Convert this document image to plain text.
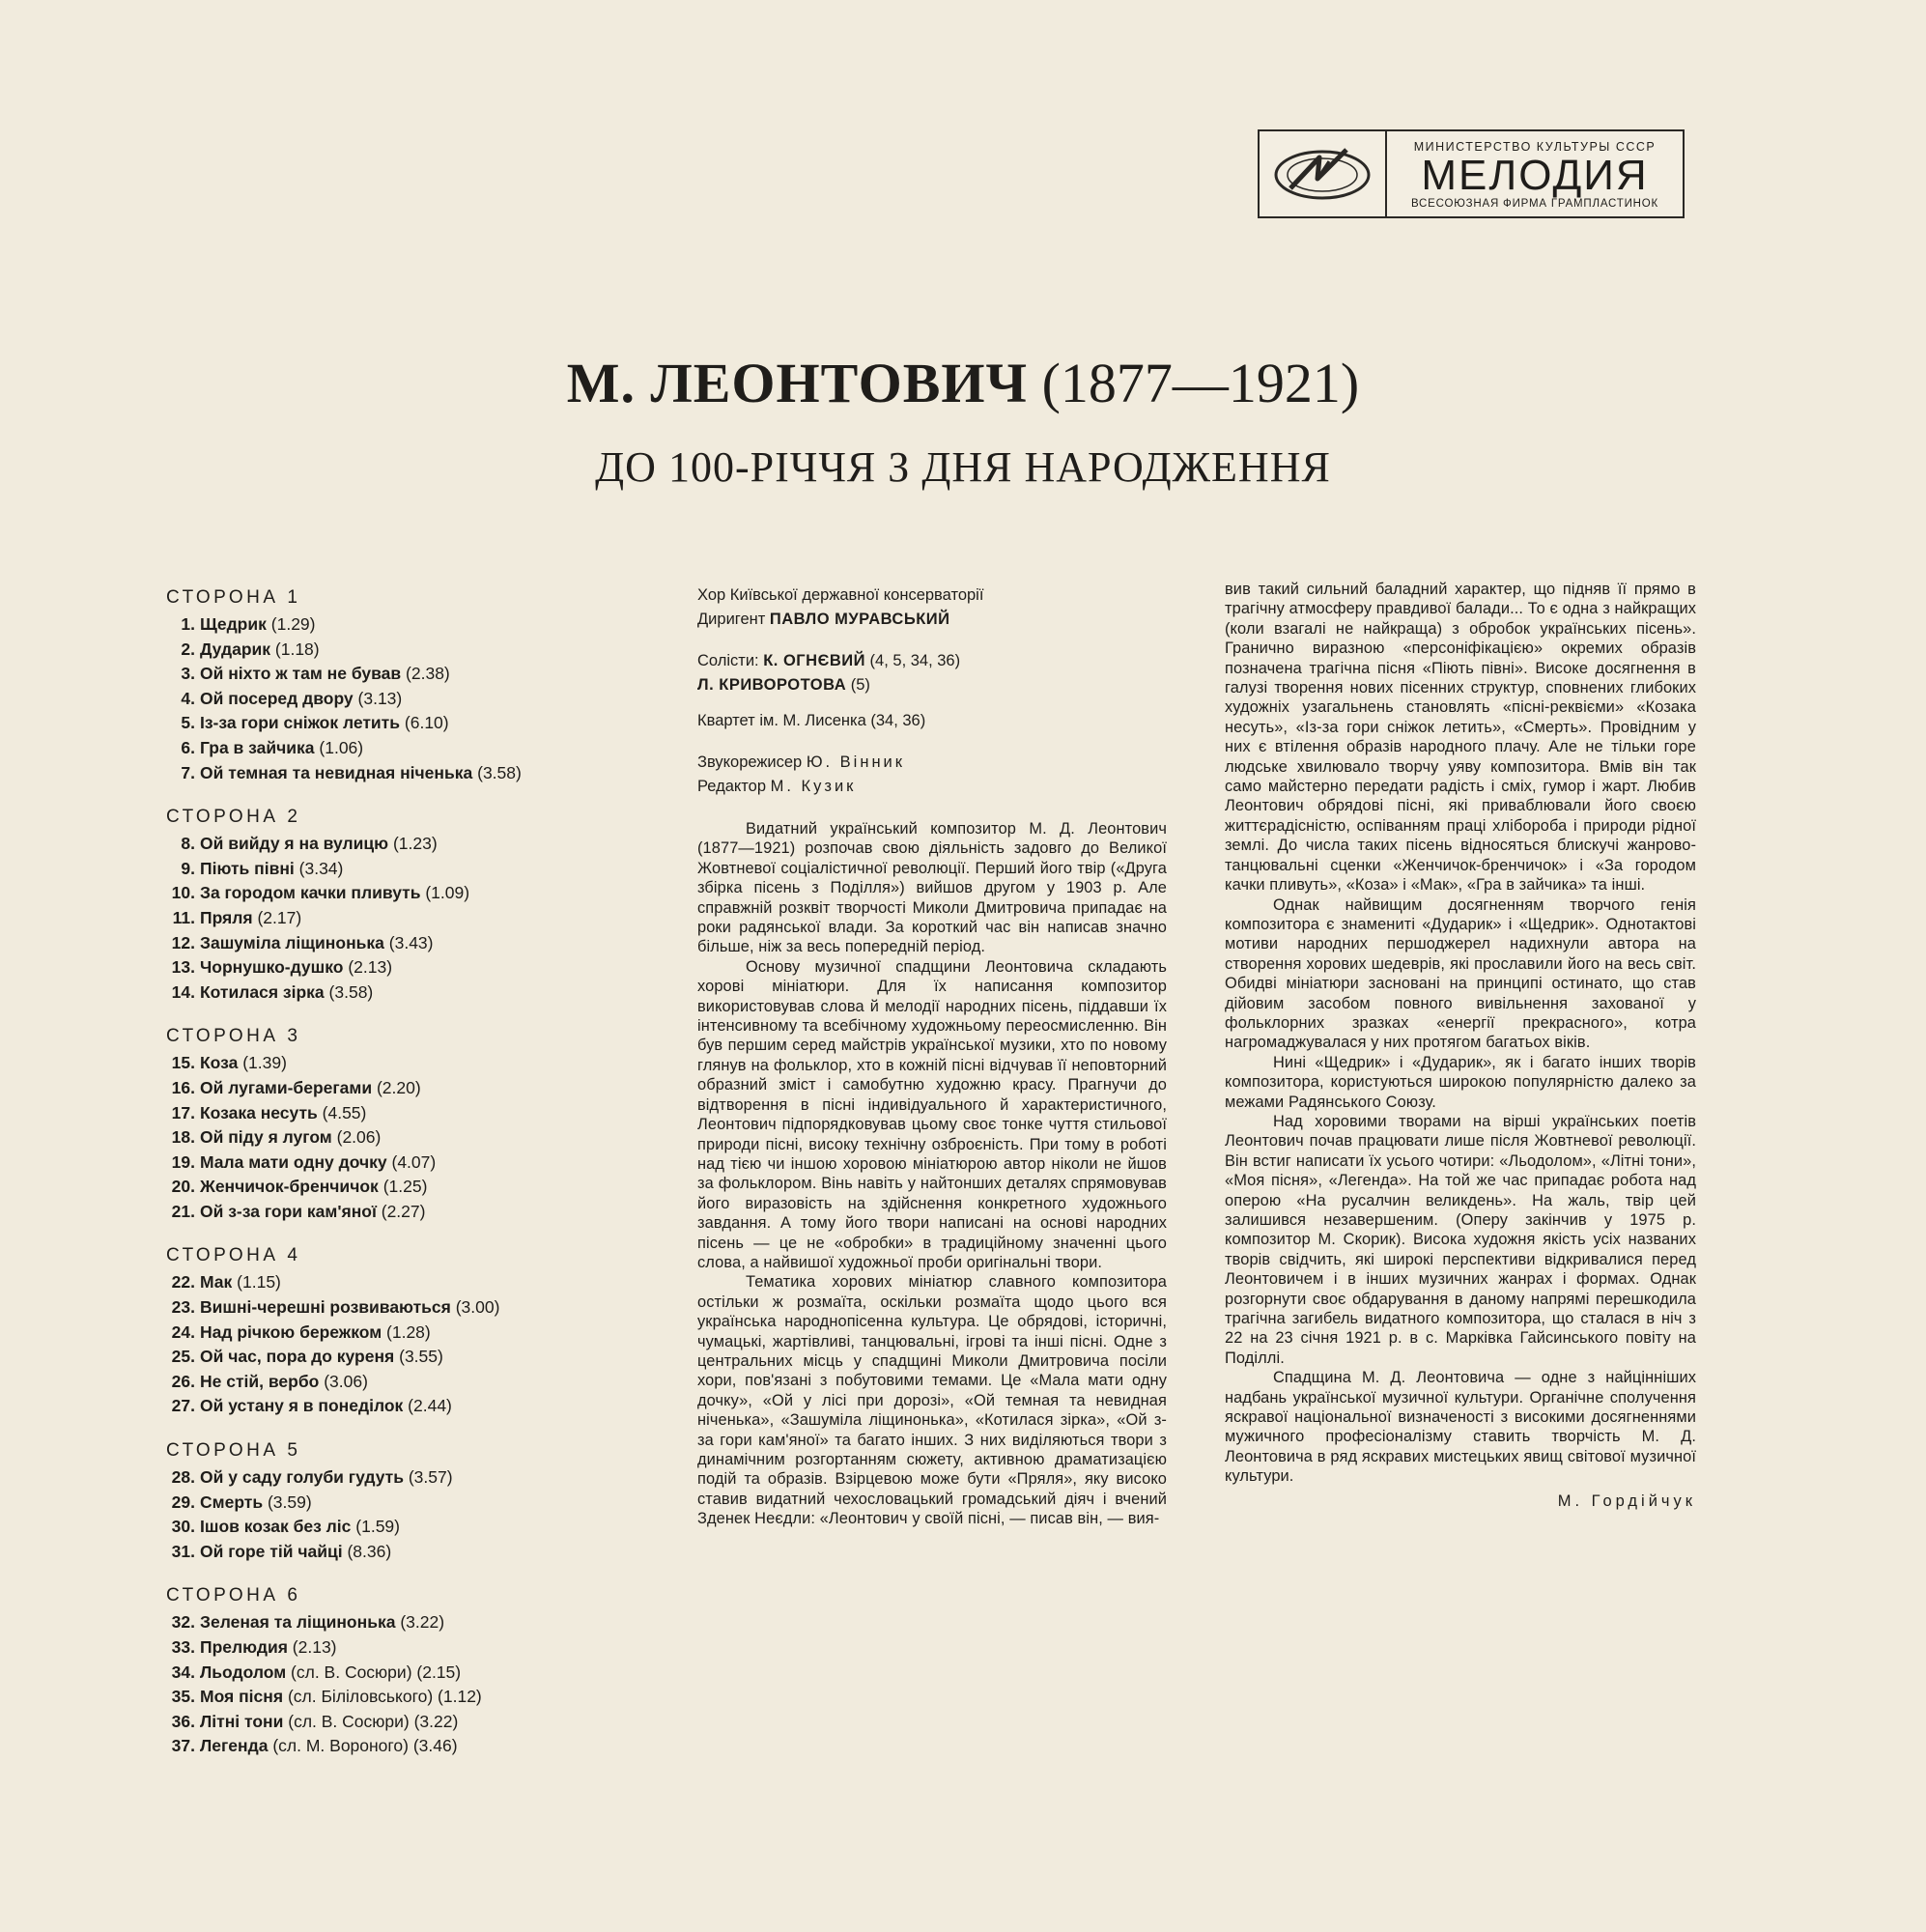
МИНИСТЕРСТВО КУЛЬТУРЫ СССР
МЕЛОДИЯ
ВСЕСОЮЗНАЯ ФИРМА ГРАМПЛАСТИНОК
М. ЛЕОНТОВИЧ (1877—1921)
ДО 100-РІЧЧЯ З ДНЯ НАРОДЖЕННЯ
СТОРОНА 1
1. Щедрик (1.29)
2. Дударик (1.18)
3. Ой ніхто ж там не бував (2.38)
4. Ой посеред двору (3.13)
5. Із-за гори сніжок летить (6.10)
6. Гра в зайчика (1.06)
7. Ой темная та невидная ніченька (3.58)
СТОРОНА 2
8. Ой вийду я на вулицю (1.23)
9. Піють півні (3.34)
10. За городом качки пливуть (1.09)
11. Пряля (2.17)
12. Зашуміла ліщинонька (3.43)
13. Чорнушко-душко (2.13)
14. Котилася зірка (3.58)
СТОРОНА 3
15. Коза (1.39)
16. Ой лугами-берегами (2.20)
17. Козака несуть (4.55)
18. Ой піду я лугом (2.06)
19. Мала мати одну дочку (4.07)
20. Женчичок-бренчичок (1.25)
21. Ой з-за гори кам'яної (2.27)
СТОРОНА 4
22. Мак (1.15)
23. Вишні-черешні розвиваються (3.00)
24. Над річкою бережком (1.28)
25. Ой час, пора до куреня (3.55)
26. Не стій, вербо (3.06)
27. Ой устану я в понеділок (2.44)
СТОРОНА 5
28. Ой у саду голуби гудуть (3.57)
29. Смерть (3.59)
30. Ішов козак без ліс (1.59)
31. Ой горе тій чайці (8.36)
СТОРОНА 6
32. Зеленая та ліщинонька (3.22)
33. Прелюдия (2.13)
34. Льодолом (сл. В. Сосюри) (2.15)
35. Моя пісня (сл. Біліловського) (1.12)
36. Літні тони (сл. В. Сосюри) (3.22)
37. Легенда (сл. М. Вороного) (3.46)
Хор Київської державної консерваторії
Диригент ПАВЛО МУРАВСЬКИЙ
Солісти: К. ОГНЄВИЙ (4, 5, 34, 36)
Л. КРИВОРОТОВА (5)
Квартет ім. М. Лисенка (34, 36)
Звукорежисер Ю. Вінник
Редактор М. Кузик

Видатний український композитор М. Д. Леонтович (1877—1921) розпочав свою діяльність задовго до Великої Жовтневої соціалістичної революції. Перший його твір («Друга збірка пісень з Поділля») вийшов другом у 1903 р. Але справжній розквіт творчості Миколи Дмитровича припадає на роки радянської влади. За короткий час він написав значно більше, ніж за весь попередній період.

Основу музичної спадщини Леонтовича складають хорові мініатюри. Для їх написання композитор використовував слова й мелодії народних пісень, піддавши їх інтенсивному та всебічному художньому переосмисленню. Він був першим серед майстрів української музики, хто по новому глянув на фольклор, хто в кожній пісні відчував її неповторний образний зміст і самобутню художню красу. Прагнучи до відтворення в пісні індивідуального й характеристичного, Леонтович підпорядковував цьому своє тонке чуття стильової природи пісні, високу технічну озброєність. При тому в роботі над тією чи іншою хоровою мініатюрою автор ніколи не йшов за фольклором. Вінь навіть у найтонших деталях спрямовував його виразовість на здійснення конкретного художнього завдання. А тому його твори написані на основі народних пісень — це не «обробки» в традиційному значенні цього слова, а найвишої художньої проби оригінальні твори.

Тематика хорових мініатюр славного композитора остільки ж розмаїта, оскільки розмаїта щодо цього вся українська народнопісенна культура. Це обрядові, історичні, чумацькі, жартівливі, танцювальні, ігрові та інші пісні. Одне з центральних місць у спадщині Миколи Дмитровича посіли хори, пов'язані з побутовими темами. Це «Мала мати одну дочку», «Ой у лісі при дорозі», «Ой темная та невидная ніченька», «Зашуміла ліщинонька», «Котилася зірка», «Ой з-за гори кам'яної» та багато інших. З них виділяються твори з динамічним розгортанням сюжету, активною драматизацією подій та образів. Взірцевою може бути «Пряля», яку високо ставив видатний чехословацький громадський діяч і вчений Зденек Неєдли: «Леонтович у своїй пісні, — писав він, — вия-

вив такий сильний баладний характер, що підняв її прямо в трагічну атмосферу правдивої балади... То є одна з найкращих (коли взагалі не найкраща) з обробок українських пісень». Гранично виразною «персоніфікацією» окремих образів позначена трагічна пісня «Піють півні». Високе досягнення в галузі творення нових пісенних структур, сповнених глибоких художніх узагальнень становлять «пісні-реквієми» «Козака несуть», «Із-за гори сніжок летить», «Смерть». Провідним у них є втілення образів народного плачу. Але не тільки горе людське хвилювало творчу уяву композитора. Вмів він так само майстерно передати радість і сміх, гумор і жарт. Любив Леонтович обрядові пісні, які приваблювали його своєю життєрадісністю, оспіванням праці хлібороба і природи рідної землі. До числа таких пісень відносяться блискучі жанрово-танцювальні сценки «Женчичок-бренчичок» і «За городом качки пливуть», «Коза» і «Мак», «Гра в зайчика» та інші.

Однак найвищим досягненням творчого генія композитора є знамениті «Дударик» і «Щедрик». Однотактові мотиви народних першоджерел надихнули автора на створення хорових шедеврів, які прославили його на весь світ. Обидві мініатюри засновані на принципі остинато, що став дійовим засобом повного вивільнення захованої у фольклорних зразках «енергії прекрасного», котра нагромаджувалася у них протягом багатьох віків.

Нині «Щедрик» і «Дударик», як і багато інших творів композитора, користуються широкою популярністю далеко за межами Радянського Союзу.

Над хоровими творами на вірші українських поетів Леонтович почав працювати лише після Жовтневої революції. Він встиг написати їх усього чотири: «Льодолом», «Літні тони», «Моя пісня», «Легенда». На той же час припадає робота над оперою «На русалчин великдень». На жаль, твір цей залишився незавершеним. (Оперу закінчив у 1975 р. композитор М. Скорик). Висока художня якість усіх названих творів свідчить, які широкі перспективи відкривалися перед Леонтовичем і в інших музичних жанрах і формах. Однак розгорнути своє обдарування в даному напрямі перешкодила трагічна загибель видатного композитора, що сталася в ніч з 22 на 23 січня 1921 р. в с. Марківка Гайсинського повіту на Поділлі.

Спадщина М. Д. Леонтовича — одне з найцінніших надбань української музичної культури. Органічне сполучення яскравої національної визначеності з високими досягненнями мужичного професіоналізму ставить творчість М. Д. Леонтовича в ряд яскравих мистецьких явищ світової музичної культури.

М. Гордійчук
